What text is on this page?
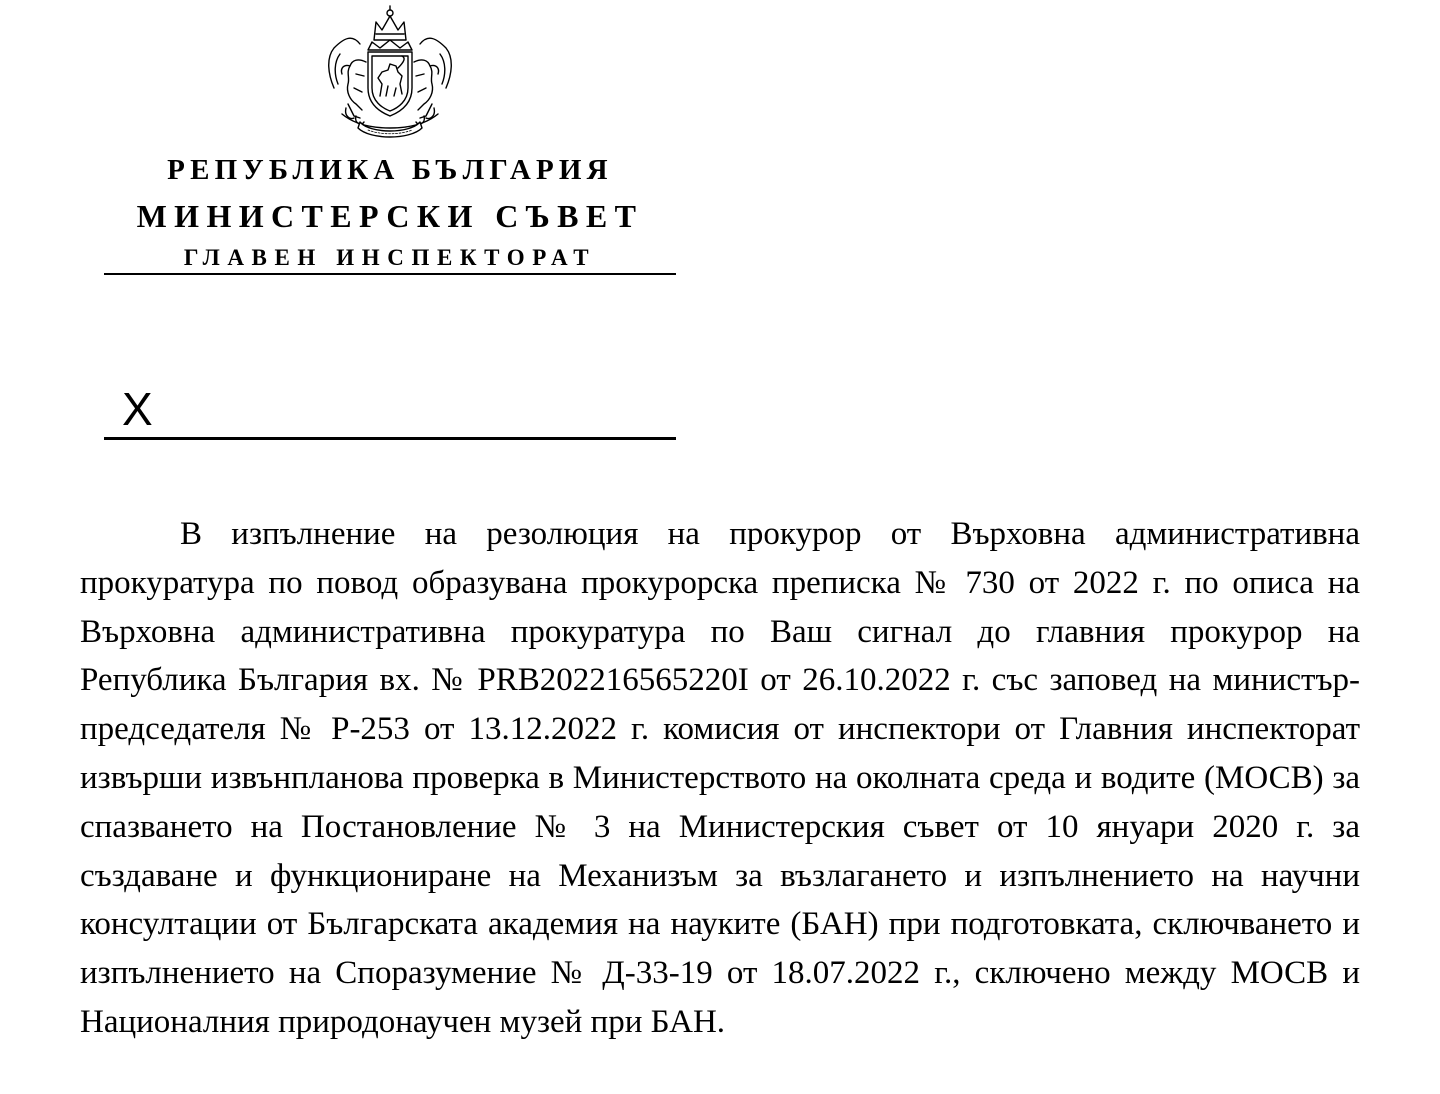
РЕПУБЛИКА БЪЛГАРИЯ
МИНИСТЕРСКИ СЪВЕТ
ГЛАВЕН ИНСПЕКТОРАТ
X
В изпълнение на резолюция на прокурор от Върховна административна прокуратура по повод образувана прокурорска преписка № 730 от 2022 г. по описа на Върховна административна прокуратура по Ваш сигнал до главния прокурор на Република България вх. № PRB202216565220I от 26.10.2022 г. със заповед на министър-председателя № Р-253 от 13.12.2022 г. комисия от инспектори от Главния инспекторат извърши извънпланова проверка в Министерството на околната среда и водите (МОСВ) за спазването на Постановление № 3 на Министерския съвет от 10 януари 2020 г. за създаване и функциониране на Механизъм за възлагането и изпълнението на научни консултации от Българската академия на науките (БАН) при подготовката, сключването и изпълнението на Споразумение № Д-33-19 от 18.07.2022 г., сключено между МОСВ и Националния природонаучен музей при БАН.
